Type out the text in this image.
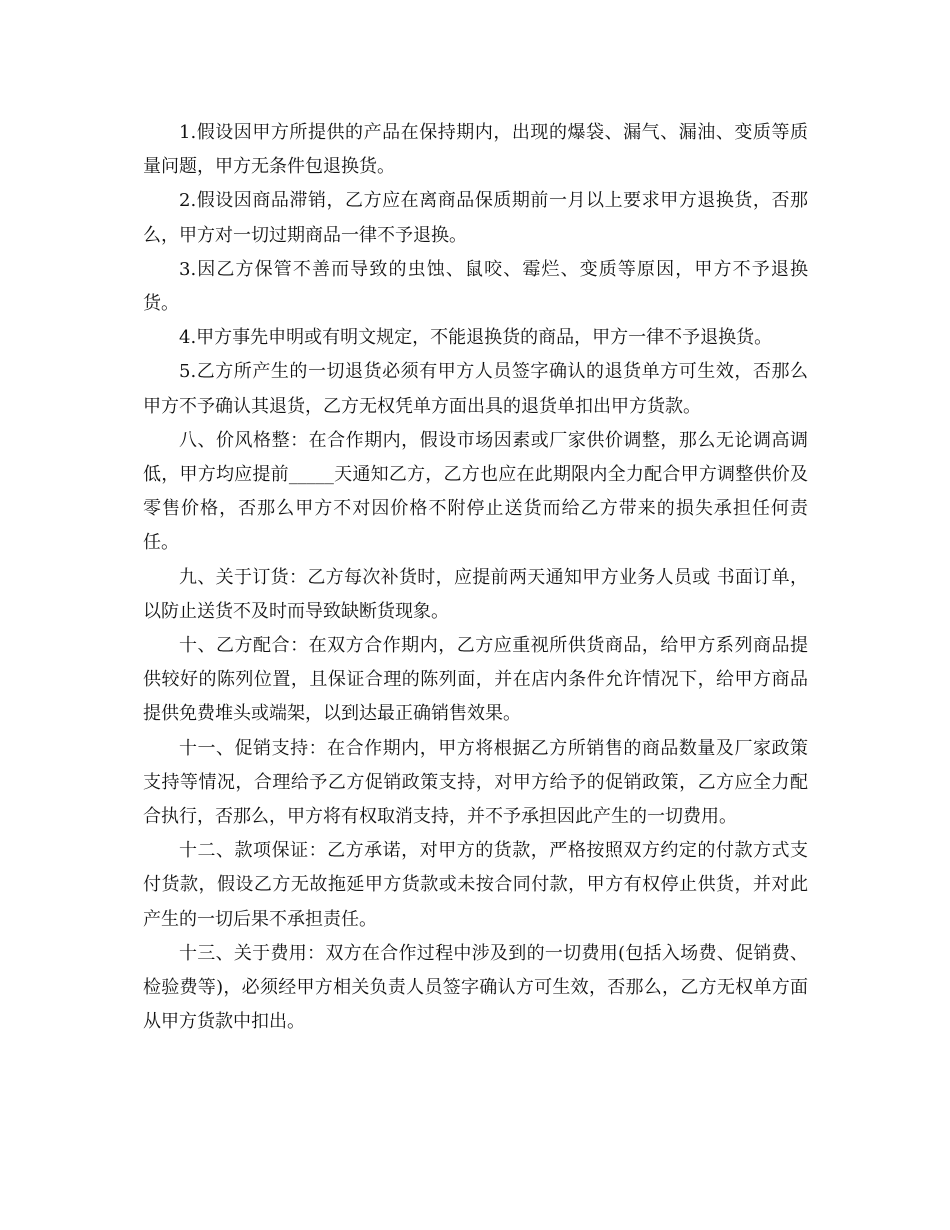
1.假设因甲方所提供的产品在保持期内，出现的爆袋、漏气、漏油、变质等质量问题，甲方无条件包退换货。

2.假设因商品滞销，乙方应在离商品保质期前一月以上要求甲方退换货，否那么，甲方对一切过期商品一律不予退换。

3.因乙方保管不善而导致的虫蚀、鼠咬、霉烂、变质等原因，甲方不予退换货。

4.甲方事先申明或有明文规定，不能退换货的商品，甲方一律不予退换货。

5.乙方所产生的一切退货必须有甲方人员签字确认的退货单方可生效，否那么甲方不予确认其退货，乙方无权凭单方面出具的退货单扣出甲方货款。

八、价风格整：在合作期内，假设市场因素或厂家供价调整，那么无论调高调低，甲方均应提前_____天通知乙方，乙方也应在此期限内全力配合甲方调整供价及零售价格，否那么甲方不对因价格不附停止送货而给乙方带来的损失承担任何责任。

九、关于订货：乙方每次补货时，应提前两天通知甲方业务人员或 书面订单，以防止送货不及时而导致缺断货现象。

十、乙方配合：在双方合作期内，乙方应重视所供货商品，给甲方系列商品提供较好的陈列位置，且保证合理的陈列面，并在店内条件允许情况下，给甲方商品提供免费堆头或端架，以到达最正确销售效果。

十一、促销支持：在合作期内，甲方将根据乙方所销售的商品数量及厂家政策支持等情况，合理给予乙方促销政策支持，对甲方给予的促销政策，乙方应全力配合执行，否那么，甲方将有权取消支持，并不予承担因此产生的一切费用。

十二、款项保证：乙方承诺，对甲方的货款，严格按照双方约定的付款方式支付货款，假设乙方无故拖延甲方货款或未按合同付款，甲方有权停止供货，并对此产生的一切后果不承担责任。

十三、关于费用：双方在合作过程中涉及到的一切费用(包括入场费、促销费、检验费等)，必须经甲方相关负责人员签字确认方可生效，否那么，乙方无权单方面从甲方货款中扣出。
